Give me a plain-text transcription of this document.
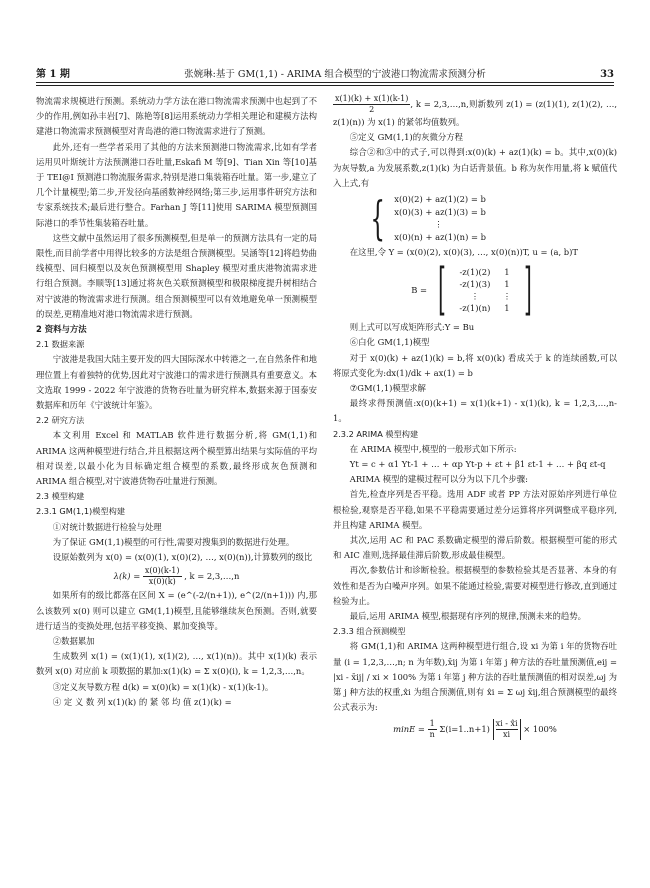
第 1 期	张婉琳:基于 GM(1,1) - ARIMA 组合模型的宁波港口物流需求预测分析	33

物流需求规模进行预测。系统动力学方法在港口物流需求预测中也起到了不少的作用,例如孙丰岩[7]、陈艳等[8]运用系统动力学相关理论和建模方法构建港口物流需求预测模型对青岛港的港口物流需求进行了预测。

此外,还有一些学者采用了其他的方法来预测港口物流需求,比如有学者运用贝叶斯统计方法预测港口吞吐量,Eskafi M 等[9]、Tian Xin 等[10]基于 TEI@I 预测港口物流服务需求,特别是港口集装箱吞吐量。第一步,建立了几个计量模型;第二步,开发径向基函数神经网络;第三步,运用事件研究方法和专家系统技术;最后进行整合。Farhan J 等[11]使用 SARIMA 模型预测国际港口的季节性集装箱吞吐量。

这些文献中虽然运用了很多预测模型,但是单一的预测方法具有一定的局限性,而目前学者中用得比较多的方法是组合预测模型。吴涵等[12]将趋势曲线模型、回归模型以及灰色预测模型用 Shapley 模型对重庆港物流需求进行组合预测。李顺等[13]通过将灰色关联预测模型和极限梯度提升树相结合对宁波港的物流需求进行预测。组合预测模型可以有效地避免单一预测模型的误差,更精准地对港口物流需求进行预测。

2 资料与方法
2.1 数据来源

宁波港是我国大陆主要开发的四大国际深水中转港之一,在自然条件和地理位置上有着独特的优势,因此对宁波港口的需求进行预测具有重要意义。本文选取 1999 - 2022 年宁波港的货物吞吐量为研究样本,数据来源于国泰安数据库和历年《宁波统计年鉴》。

2.2 研究方法

本文利用 Excel 和 MATLAB 软件进行数据分析,将 GM(1,1)和 ARIMA 这两种模型进行结合,并且根据这两个模型算出结果与实际值的平均相对误差,以最小化为目标确定组合模型的系数,最终形成灰色预测和 ARIMA 组合模型,对宁波港货物吞吐量进行预测。

2.3 模型构建
2.3.1 GM(1,1)模型构建

①对统计数据进行检验与处理

为了保证 GM(1,1)模型的可行性,需要对搜集到的数据进行处理。

设原始数列为 x(0) = (x(0)(1), x(0)(2), …, x(0)(n)),计算数列的级比

$\lambda(k) = \frac{x(0)(k-1)}{x(0)(k)}$ , k = 2,3,…,n

如果所有的级比都落在区间 X = (e^(-2/(n+1)), e^(2/(n+1))) 内,那么该数列 x(0) 则可以建立 GM(1,1)模型,且能够继续灰色预测。否则,就要进行适当的变换处理,包括平移变换、累加变换等。

②数据累加

生成数列 x(1) = (x(1)(1), x(1)(2), …, x(1)(n))。其中 x(1)(k) 表示数列 x(0) 对应前 k 项数据的累加:x(1)(k) = Σ x(0)(i), k = 1,2,3,…,n。

③定义灰导数方程 d(k) = x(0)(k) = x(1)(k) - x(1)(k-1)。

④ 定 义 数 列 x(1)(k) 的 紧 邻 均 值 z(1)(k) =

$\frac{x(1)(k) + x(1)(k-1)}{2}$ , k = 2,3,…,n,则新数列 z(1) = (z(1)(1), z(1)(2), …, z(1)(n)) 为 x(1) 的紧邻均值数列。

⑤定义 GM(1,1)的灰微分方程

综合②和③中的式子,可以得到:x(0)(k) + az(1)(k) = b。其中,x(0)(k) 为灰导数,a 为发展系数,z(1)(k) 为白话背景值。b 称为灰作用量,将 k 赋值代入上式,有

{ x(0)(2) + az(1)(2) = b
x(0)(3) + az(1)(3) = b
⋮
x(0)(n) + az(1)(n) = b

在这里,令 Y = (x(0)(2), x(0)(3), …, x(0)(n))T, u = (a, b)T

B = [	-z(1)(2)	1
-z(1)(3)	1
⋮	⋮
-z(1)(n)	1 ]

则上式可以写成矩阵形式:Y = Bu

⑥白化 GM(1,1)模型

对于 x(0)(k) + az(1)(k) = b,将 x(0)(k) 看成关于 k 的连续函数,可以将原式变化为:dx(1)/dk + ax(1) = b

⑦GM(1,1)模型求解

最终求得预测值:x(0)(k+1) = x(1)(k+1) - x(1)(k), k = 1,2,3,…,n-1。

2.3.2 ARIMA 模型构建

在 ARIMA 模型中,模型的一般形式如下所示:

Yt = c + α1 Yt-1 + … + αp Yt-p + εt + β1 εt-1 + … + βq εt-q

ARIMA 模型的建模过程可以分为以下几个步骤:

首先,检查序列是否平稳。选用 ADF 或者 PP 方法对原始序列进行单位根检验,观察是否平稳,如果不平稳需要通过差分运算将序列调整成平稳序列,并且构建 ARIMA 模型。

其次,运用 AC 和 PAC 系数确定模型的滞后阶数。根据模型可能的形式和 AIC 准则,选择最佳滞后阶数,形成最佳模型。

再次,参数估计和诊断检验。根据模型的参数检验其是否显著、本身的有效性和是否为白噪声序列。如果不能通过检验,需要对模型进行修改,直到通过检验为止。

最后,运用 ARIMA 模型,根据现有序列的规律,预测未来的趋势。

2.3.3 组合预测模型

将 GM(1,1)和 ARIMA 这两种模型进行组合,设 xi 为第 i 年的货物吞吐量 (i = 1,2,3,…,n; n 为年数),x̄ij 为第 i 年第 j 种方法的吞吐量预测值,eij = |xi - x̄ij| / xi × 100% 为第 i 年第 j 种方法的吞吐量预测值的相对误差,ωj 为第 j 种方法的权重,x̂i 为组合预测值,则有 x̂i = Σ ωj x̄ij,组合预测模型的最终公式表示为:

$\min E = \frac{1}{n} \Sigma(i=1..n+1) \frac{xi - x̂i}{xi} \times 100\%$
